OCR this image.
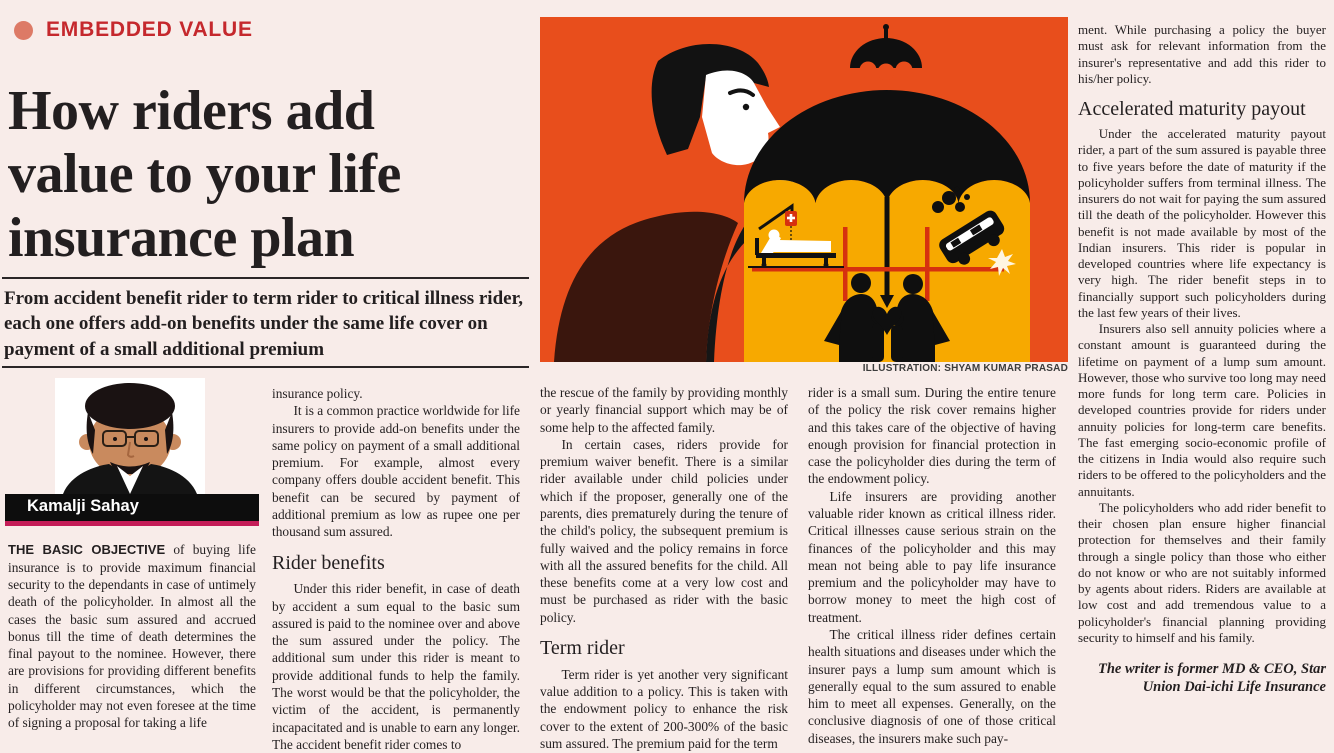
EMBEDDED VALUE
How riders add value to your life insurance plan
From accident benefit rider to term rider to critical illness rider, each one offers add-on benefits under the same life cover on payment of a small additional premium
Kamalji Sahay
ILLUSTRATION: SHYAM KUMAR PRASAD

THE BASIC OBJECTIVE of buying life insurance is to provide maximum financial security to the dependants in case of untimely death of the policyholder. In almost all the cases the basic sum assured and accrued bonus till the time of death determines the final payout to the nominee. However, there are provisions for providing different benefits in different circumstances, which the policyholder may not even foresee at the time of signing a proposal for taking a life

insurance policy.

It is a common practice worldwide for life insurers to provide add-on benefits under the same policy on payment of a small additional premium. For example, almost every company offers double accident benefit. This benefit can be secured by payment of additional premium as low as rupee one per thousand sum assured.

Rider benefits

Under this rider benefit, in case of death by accident a sum equal to the basic sum assured is paid to the nominee over and above the sum assured under the policy. The additional sum under this rider is meant to provide additional funds to help the family. The worst would be that the policyholder, the victim of the accident, is permanently incapacitated and is unable to earn any longer. The accident benefit rider comes to

the rescue of the family by providing monthly or yearly financial support which may be of some help to the affected family.

In certain cases, riders provide for premium waiver benefit. There is a similar rider available under child policies under which if the proposer, generally one of the parents, dies prematurely during the tenure of the child's policy, the subsequent premium is fully waived and the policy remains in force with all the assured benefits for the child. All these benefits come at a very low cost and must be purchased as rider with the basic policy.

Term rider

Term rider is yet another very significant value addition to a policy. This is taken with the endowment policy to enhance the risk cover to the extent of 200-300% of the basic sum assured. The premium paid for the term

rider is a small sum. During the entire tenure of the policy the risk cover remains higher and this takes care of the objective of having enough provision for financial protection in case the policyholder dies during the term of the endowment policy.

Life insurers are providing another valuable rider known as critical illness rider. Critical illnesses cause serious strain on the finances of the policyholder and this may mean not being able to pay life insurance premium and the policyholder may have to borrow money to meet the high cost of treatment.

The critical illness rider defines certain health situations and diseases under which the insurer pays a lump sum amount which is generally equal to the sum assured to enable him to meet all expenses. Generally, on the conclusive diagnosis of one of those critical diseases, the insurers make such pay-

ment. While purchasing a policy the buyer must ask for relevant information from the insurer's representative and add this rider to his/her policy.

Accelerated maturity payout

Under the accelerated maturity payout rider, a part of the sum assured is payable three to five years before the date of maturity if the policyholder suffers from terminal illness. The insurers do not wait for paying the sum assured till the death of the policyholder. However this benefit is not made available by most of the Indian insurers. This rider is popular in developed countries where life expectancy is very high. The rider benefit steps in to financially support such policyholders during the last few years of their lives.

Insurers also sell annuity policies where a constant amount is guaranteed during the lifetime on payment of a lump sum amount. However, those who survive too long may need more funds for long term care. Policies in developed countries provide for riders under annuity policies for long-term care benefits. The fast emerging socio-economic profile of the citizens in India would also require such riders to be offered to the policyholders and the annuitants.

The policyholders who add rider benefit to their chosen plan ensure higher financial protection for themselves and their family through a single policy than those who either do not know or who are not suitably informed by agents about riders. Riders are available at low cost and add tremendous value to a policyholder's financial planning providing security to himself and his family.

The writer is former MD & CEO, Star Union Dai-ichi Life Insurance
